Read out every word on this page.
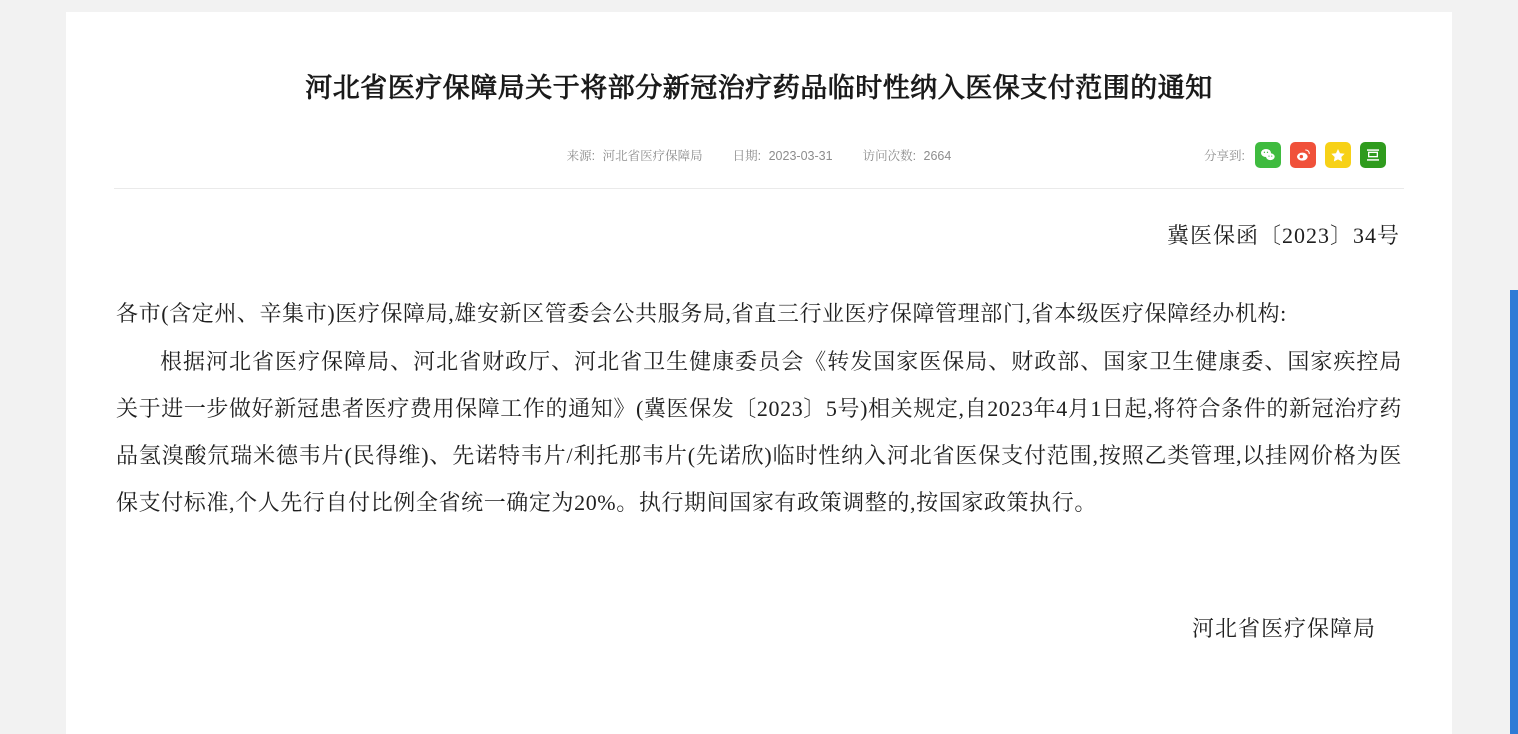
河北省医疗保障局关于将部分新冠治疗药品临时性纳入医保支付范围的通知
来源: 河北省医疗保障局 日期: 2023-03-31 访问次数: 2664	分享到:
冀医保函〔2023〕34号

各市(含定州、辛集市)医疗保障局,雄安新区管委会公共服务局,省直三行业医疗保障管理部门,省本级医疗保障经办机构:

根据河北省医疗保障局、河北省财政厅、河北省卫生健康委员会《转发国家医保局、财政部、国家卫生健康委、国家疾控局关于进一步做好新冠患者医疗费用保障工作的通知》(冀医保发〔2023〕5号)相关规定,自2023年4月1日起,将符合条件的新冠治疗药品氢溴酸氘瑞米德韦片(民得维)、先诺特韦片/利托那韦片(先诺欣)临时性纳入河北省医保支付范围,按照乙类管理,以挂网价格为医保支付标准,个人先行自付比例全省统一确定为20%。执行期间国家有政策调整的,按国家政策执行。

河北省医疗保障局
